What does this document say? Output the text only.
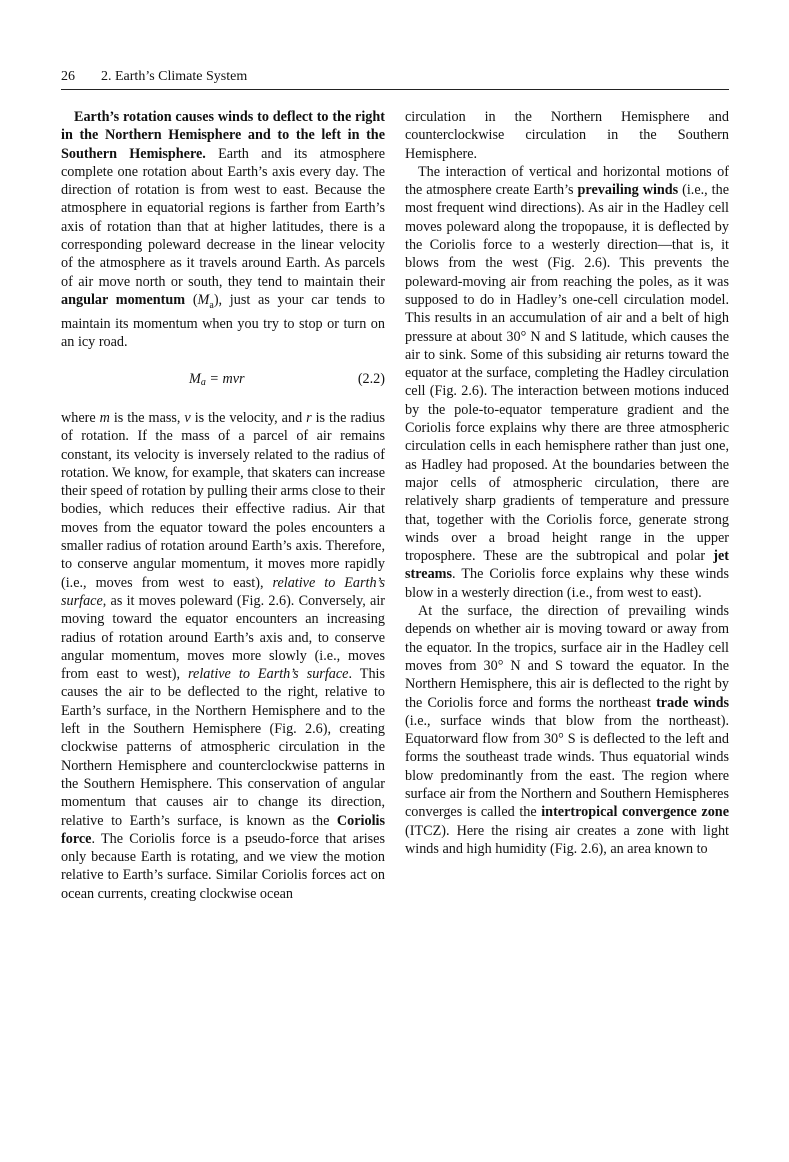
26 2. Earth’s Climate System

Earth’s rotation causes winds to deflect to the right in the Northern Hemisphere and to the left in the Southern Hemisphere. Earth and its atmosphere complete one rotation about Earth’s axis every day. The direction of rotation is from west to east. Because the atmosphere in equatorial regions is farther from Earth’s axis of rotation than that at higher latitudes, there is a corresponding poleward decrease in the linear velocity of the atmosphere as it travels around Earth. As parcels of air move north or south, they tend to maintain their angular momentum $(M_a)$, just as your car tends to maintain its momentum when you try to stop or turn on an icy road.

$M_a$ = mvr	(2.2)

where m is the mass, v is the velocity, and r is the radius of rotation. If the mass of a parcel of air remains constant, its velocity is inversely related to the radius of rotation. We know, for example, that skaters can increase their speed of rotation by pulling their arms close to their bodies, which reduces their effective radius. Air that moves from the equator toward the poles encounters a smaller radius of rotation around Earth’s axis. Therefore, to conserve angular momentum, it moves more rapidly (i.e., moves from west to east), relative to Earth’s surface, as it moves poleward (Fig. 2.6). Conversely, air moving toward the equator encounters an increasing radius of rotation around Earth’s axis and, to conserve angular momentum, moves more slowly (i.e., moves from east to west), relative to Earth’s surface. This causes the air to be deflected to the right, relative to Earth’s surface, in the Northern Hemisphere and to the left in the Southern Hemisphere (Fig. 2.6), creating clockwise patterns of atmospheric circulation in the Northern Hemisphere and counterclockwise patterns in the Southern Hemisphere. This conservation of angular momentum that causes air to change its direction, relative to Earth’s surface, is known as the Coriolis force. The Coriolis force is a pseudo-force that arises only because Earth is rotating, and we view the motion relative to Earth’s surface. Similar Coriolis forces act on ocean currents, creating clockwise ocean

circulation in the Northern Hemisphere and counterclockwise circulation in the Southern Hemisphere.

The interaction of vertical and horizontal motions of the atmosphere create Earth’s prevailing winds (i.e., the most frequent wind directions). As air in the Hadley cell moves poleward along the tropopause, it is deflected by the Coriolis force to a westerly direction—that is, it blows from the west (Fig. 2.6). This prevents the poleward-moving air from reaching the poles, as it was supposed to do in Hadley’s one-cell circulation model. This results in an accumulation of air and a belt of high pressure at about 30° N and S latitude, which causes the air to sink. Some of this subsiding air returns toward the equator at the surface, completing the Hadley circulation cell (Fig. 2.6). The interaction between motions induced by the pole-to-equator temperature gradient and the Coriolis force explains why there are three atmospheric circulation cells in each hemisphere rather than just one, as Hadley had proposed. At the boundaries between the major cells of atmospheric circulation, there are relatively sharp gradients of temperature and pressure that, together with the Coriolis force, generate strong winds over a broad height range in the upper troposphere. These are the subtropical and polar jet streams. The Coriolis force explains why these winds blow in a westerly direction (i.e., from west to east).

At the surface, the direction of prevailing winds depends on whether air is moving toward or away from the equator. In the tropics, surface air in the Hadley cell moves from 30° N and S toward the equator. In the Northern Hemisphere, this air is deflected to the right by the Coriolis force and forms the northeast trade winds (i.e., surface winds that blow from the northeast). Equatorward flow from 30° S is deflected to the left and forms the southeast trade winds. Thus equatorial winds blow predominantly from the east. The region where surface air from the Northern and Southern Hemispheres converges is called the intertropical convergence zone (ITCZ). Here the rising air creates a zone with light winds and high humidity (Fig. 2.6), an area known to
